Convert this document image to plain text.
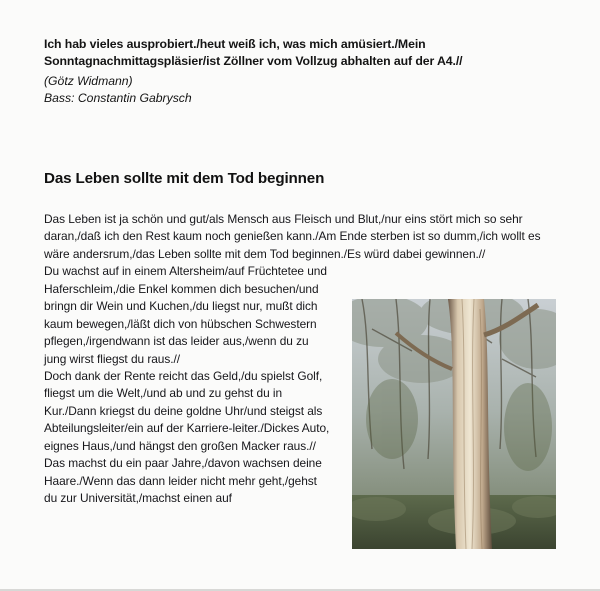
Ich hab vieles ausprobiert./heut weiß ich, was mich amüsiert./Mein

Sonntagnachmittagspläsier/ist Zöllner vom Vollzug abhalten auf der A4.//

(Götz Widmann)

Bass: Constantin Gabrysch

Das Leben sollte mit dem Tod beginnen

Das Leben ist ja schön und gut/als Mensch aus Fleisch und Blut,/nur eins stört mich so sehr daran,/daß ich den Rest kaum noch genießen kann./Am Ende sterben ist so dumm,/ich wollt es wäre andersrum,/das Leben sollte mit dem Tod beginnen./Es würd dabei gewinnen.//

Du wachst auf in einem Altersheim/auf Früchtetee und Haferschleim,/die Enkel kommen dich besuchen/und bringn dir Wein und Kuchen,/du liegst nur, mußt dich kaum bewegen,/läßt dich von hübschen Schwestern pflegen,/irgendwann ist das leider aus,/wenn du zu jung wirst fliegst du raus.//

Doch dank der Rente reicht das Geld,/du spielst Golf, fliegst um die Welt,/und ab und zu gehst du in Kur./Dann kriegst du deine goldne Uhr/und steigst als Abteilungsleiter/ein auf der Karriere-leiter./Dickes Auto, eignes Haus,/und hängst den großen Macker raus.//

Das machst du ein paar Jahre,/davon wachsen deine Haare./Wenn das dann leider nicht mehr geht,/gehst du zur Universität,/machst einen auf
